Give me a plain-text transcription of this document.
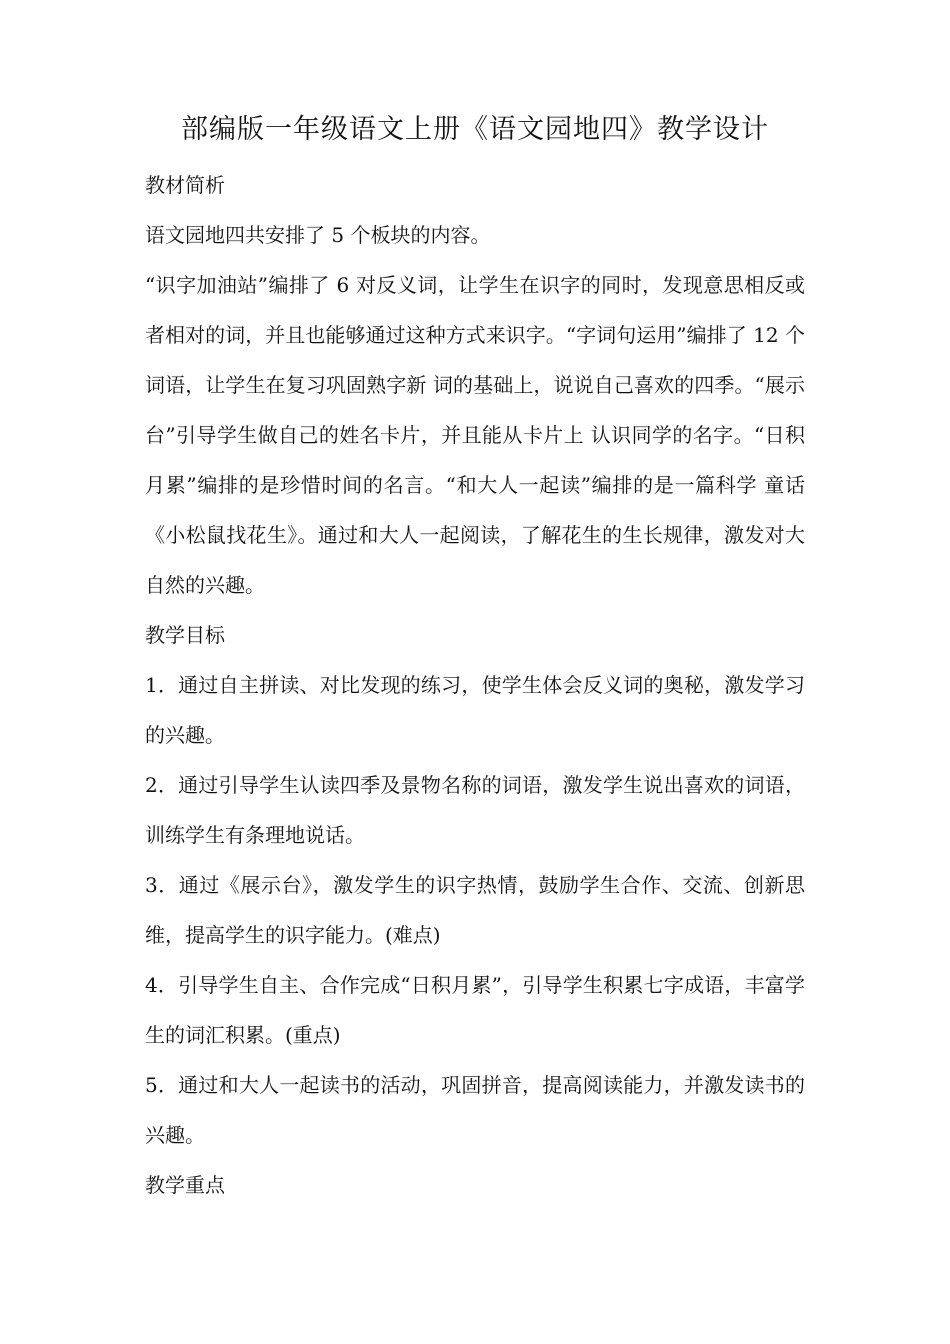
部编版一年级语文上册《语文园地四》教学设计

教材简析

语文园地四共安排了 5 个板块的内容。

“识字加油站”编排了 6 对反义词，让学生在识字的同时，发现意思相反或者相对的词，并且也能够通过这种方式来识字。“字词句运用”编排了 12 个词语，让学生在复习巩固熟字新 词的基础上，说说自己喜欢的四季。“展示台”引导学生做自己的姓名卡片，并且能从卡片上 认识同学的名字。“日积月累”编排的是珍惜时间的名言。“和大人一起读”编排的是一篇科学 童话《小松鼠找花生》。通过和大人一起阅读，了解花生的生长规律，激发对大自然的兴趣。

教学目标

1．通过自主拼读、对比发现的练习，使学生体会反义词的奥秘，激发学习的兴趣。

2．通过引导学生认读四季及景物名称的词语，激发学生说出喜欢的词语，训练学生有条理地说话。

3．通过《展示台》，激发学生的识字热情，鼓励学生合作、交流、创新思维，提高学生的识字能力。(难点)

4．引导学生自主、合作完成“日积月累”，引导学生积累七字成语，丰富学生的词汇积累。(重点)

5．通过和大人一起读书的活动，巩固拼音，提高阅读能力，并激发读书的兴趣。

教学重点
